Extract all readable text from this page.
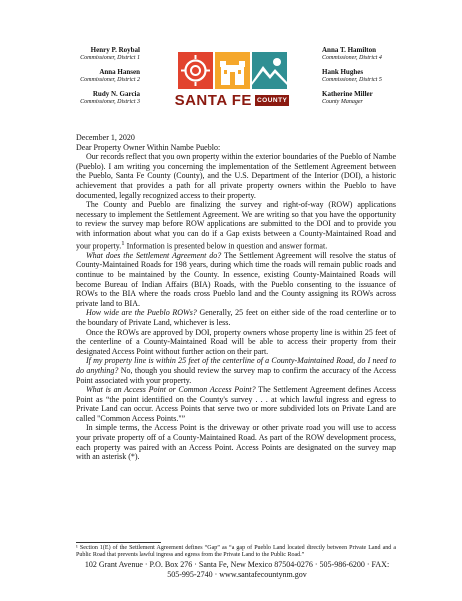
Henry P. Roybal
Commissioner, District 1
Anna Hansen
Commissioner, District 2
Rudy N. Garcia
Commissioner, District 3 SANTA FE COUNTY
Anna T. Hamilton
Commissioner, District 4
Hank Hughes
Commissioner, District 5
Katherine Miller
County Manager

December 1, 2020

Dear Property Owner Within Nambe Pueblo:

Our records reflect that you own property within the exterior boundaries of the Pueblo of Nambe (Pueblo). I am writing you concerning the implementation of the Settlement Agreement between the Pueblo, Santa Fe County (County), and the U.S. Department of the Interior (DOI), a historic achievement that provides a path for all private property owners within the Pueblo to have documented, legally recognized access to their property.

The County and Pueblo are finalizing the survey and right-of-way (ROW) applications necessary to implement the Settlement Agreement. We are writing so that you have the opportunity to review the survey map before ROW applications are submitted to the DOI and to provide you with information about what you can do if a Gap exists between a County-Maintained Road and your property.$^1$ Information is presented below in question and answer format.

What does the Settlement Agreement do? The Settlement Agreement will resolve the status of County-Maintained Roads for 198 years, during which time the roads will remain public roads and continue to be maintained by the County. In essence, existing County-Maintained Roads will become Bureau of Indian Affairs (BIA) Roads, with the Pueblo consenting to the issuance of ROWs to the BIA where the roads cross Pueblo land and the County assigning its ROWs across private land to BIA.

How wide are the Pueblo ROWs? Generally, 25 feet on either side of the road centerline or to the boundary of Private Land, whichever is less.

Once the ROWs are approved by DOI, property owners whose property line is within 25 feet of the centerline of a County-Maintained Road will be able to access their property from their designated Access Point without further action on their part.

If my property line is within 25 feet of the centerline of a County-Maintained Road, do I need to do anything? No, though you should review the survey map to confirm the accuracy of the Access Point associated with your property.

What is an Access Point or Common Access Point? The Settlement Agreement defines Access Point as “the point identified on the County's survey . . . at which lawful ingress and egress to Private Land can occur. Access Points that serve two or more subdivided lots on Private Land are called "Common Access Points."”

In simple terms, the Access Point is the driveway or other private road you will use to access your private property off of a County-Maintained Road. As part of the ROW development process, each property was paired with an Access Point. Access Points are designated on the survey map with an asterisk (*).

¹ Section 1(E) of the Settlement Agreement defines “Gap” as “a gap of Pueblo Land located directly between Private Land and a Public Road that prevents lawful ingress and egress from the Private Land to the Public Road.”
102 Grant Avenue · P.O. Box 276 · Santa Fe, New Mexico 87504-0276 · 505-986-6200 · FAX:
505-995-2740 · www.santafecountynm.gov
